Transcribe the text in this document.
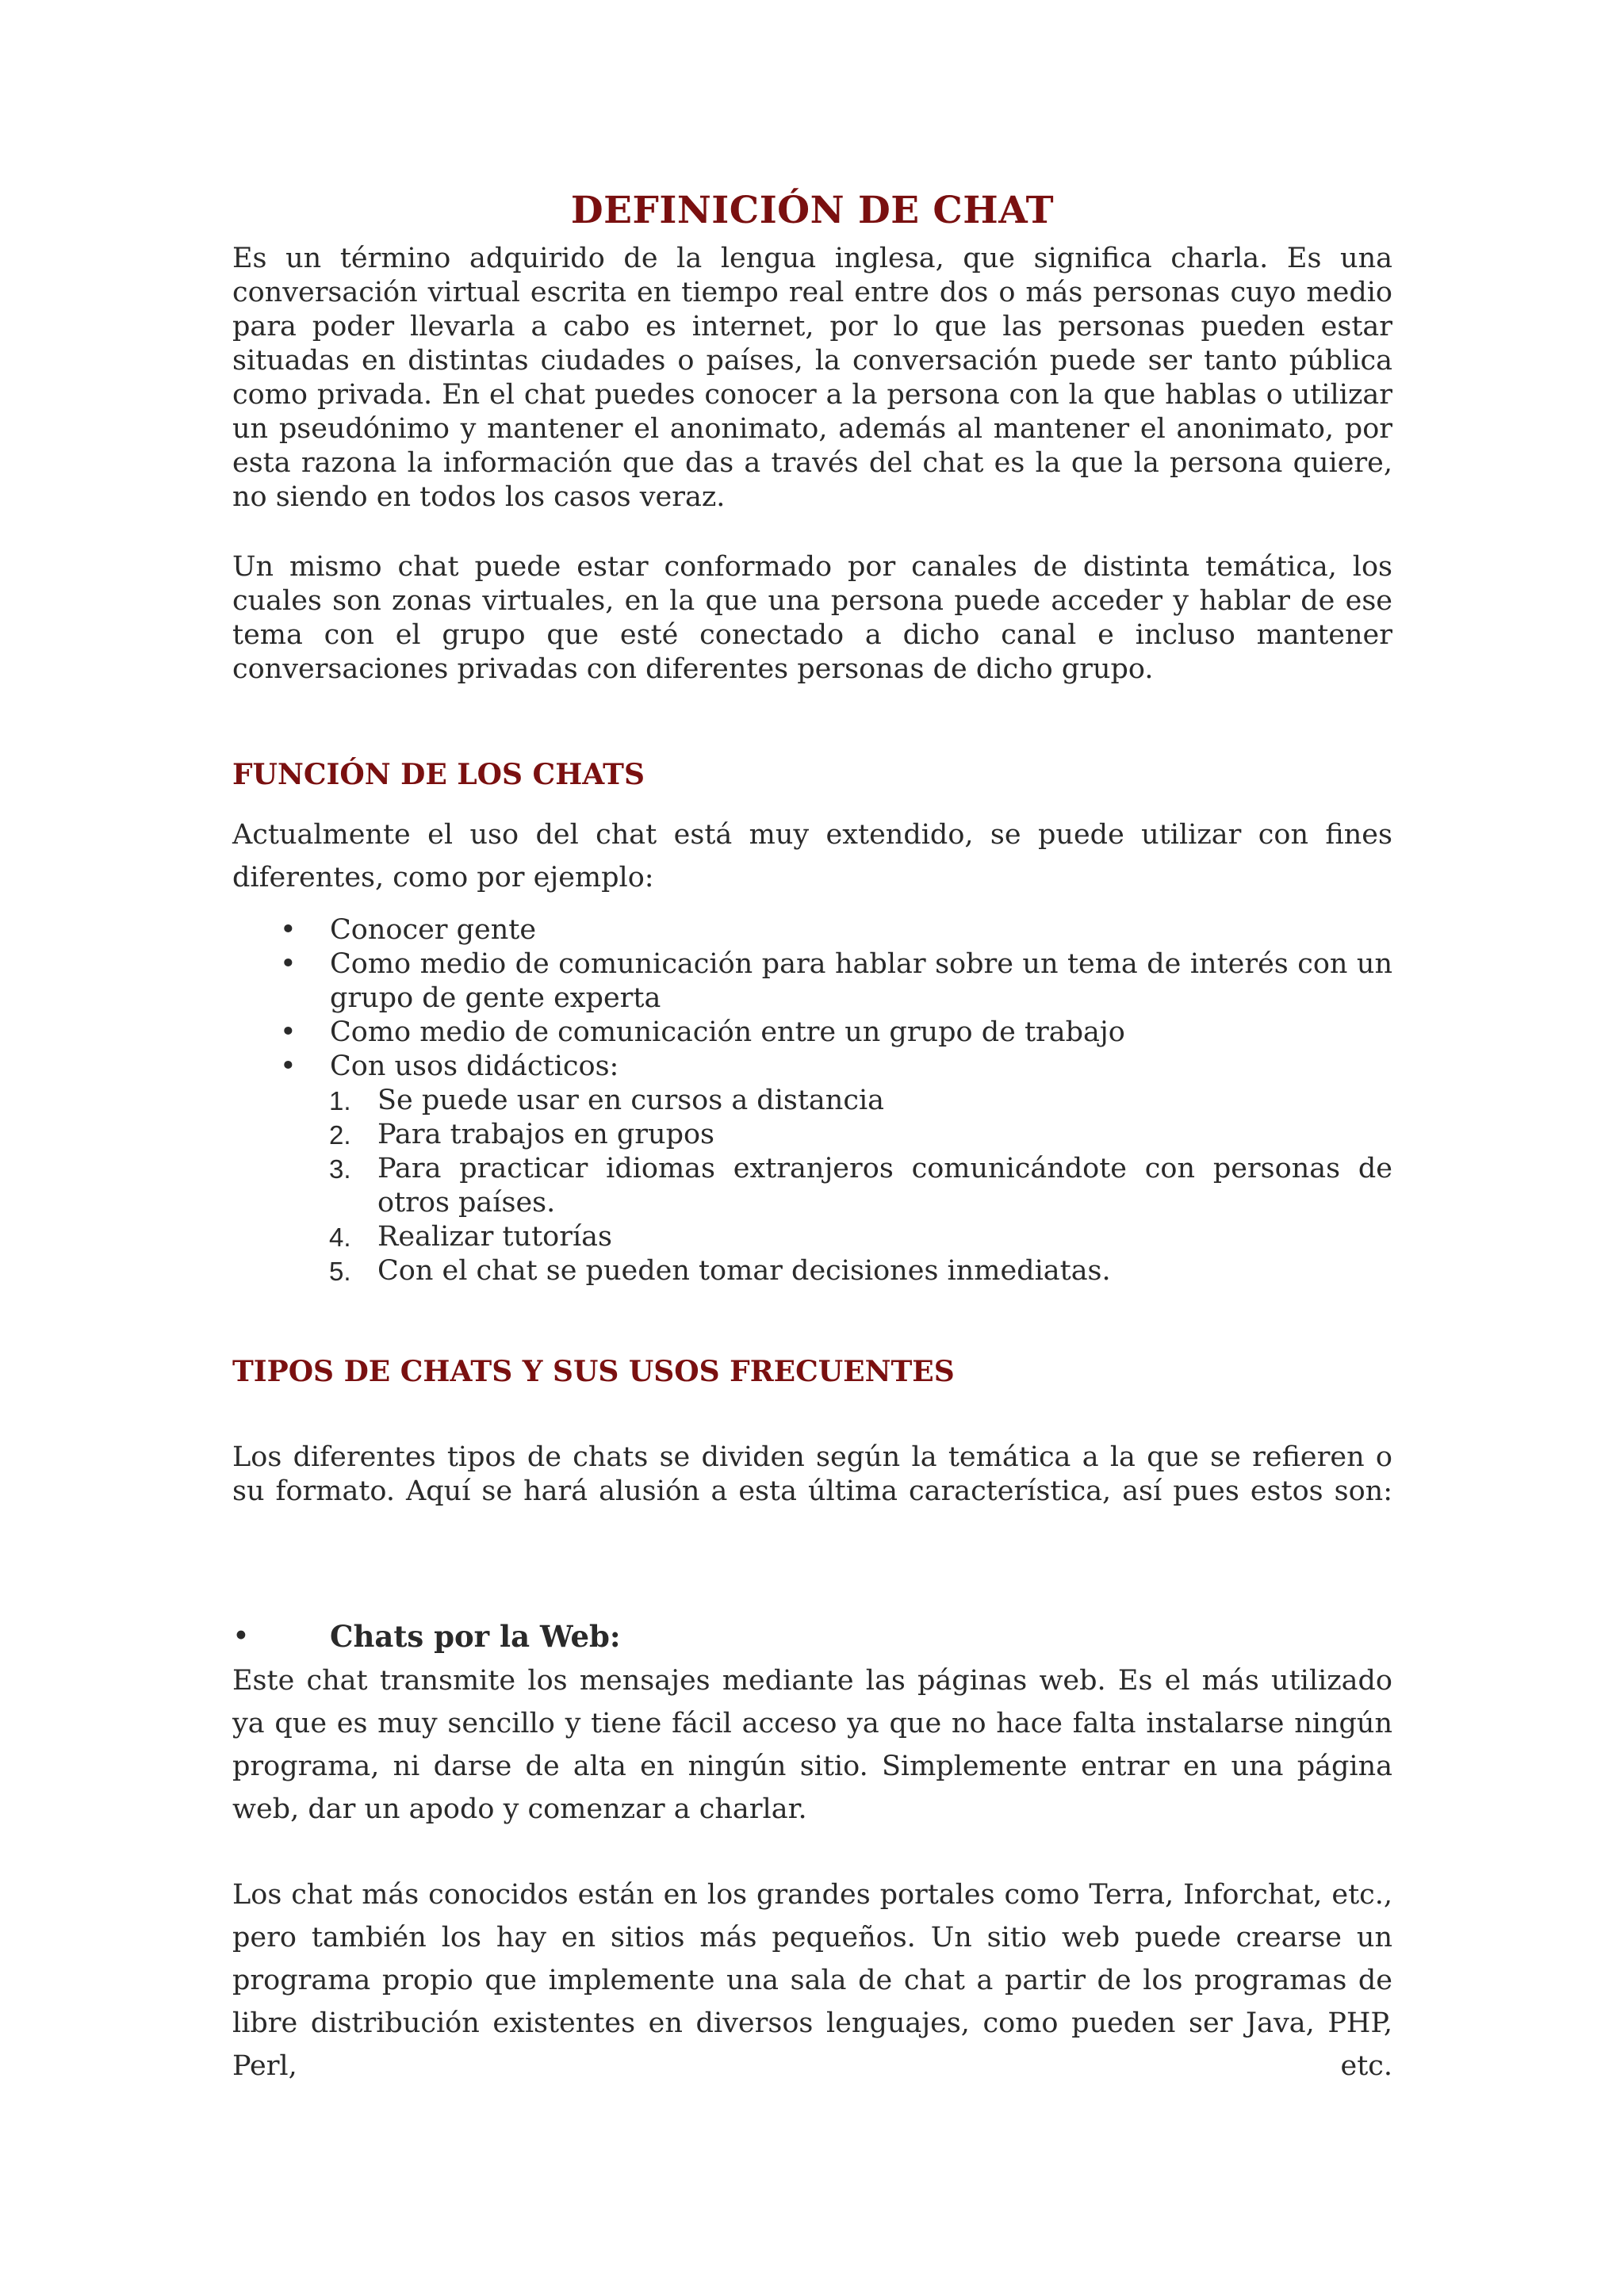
DEFINICIÓN DE CHAT

Es un término adquirido de la lengua inglesa, que significa charla. Es una conversación virtual escrita en tiempo real entre dos o más personas cuyo medio para poder llevarla a cabo es internet, por lo que las personas pueden estar situadas en distintas ciudades o países, la conversación puede ser tanto pública como privada. En el chat puedes conocer a la persona con la que hablas o utilizar un pseudónimo y mantener el anonimato, además al mantener el anonimato, por esta razona la información que das a través del chat es la que la persona quiere, no siendo en todos los casos veraz.

Un mismo chat puede estar conformado por canales de distinta temática, los cuales son zonas virtuales, en la que una persona puede acceder y hablar de ese tema con el grupo que esté conectado a dicho canal e incluso mantener conversaciones privadas con diferentes personas de dicho grupo.

FUNCIÓN DE LOS CHATS

Actualmente el uso del chat está muy extendido, se puede utilizar con fines diferentes, como por ejemplo:

• Conocer gente
• Como medio de comunicación para hablar sobre un tema de interés con un grupo de gente experta
• Como medio de comunicación entre un grupo de trabajo
• Con usos didácticos:
1. Se puede usar en cursos a distancia
2. Para trabajos en grupos
3. Para practicar idiomas extranjeros comunicándote con personas de otros países.
4. Realizar tutorías
5. Con el chat se pueden tomar decisiones inmediatas.
TIPOS DE CHATS Y SUS USOS FRECUENTES

Los diferentes tipos de chats se dividen según la temática a la que se refieren o su formato. Aquí se hará alusión a esta última característica, así pues estos son:

•	Chats por la Web:

Este chat transmite los mensajes mediante las páginas web. Es el más utilizado ya que es muy sencillo y tiene fácil acceso ya que no hace falta instalarse ningún programa, ni darse de alta en ningún sitio. Simplemente entrar en una página web, dar un apodo y comenzar a charlar.

Los chat más conocidos están en los grandes portales como Terra, Inforchat, etc., pero también los hay en sitios más pequeños. Un sitio web puede crearse un programa propio que implemente una sala de chat a partir de los programas de libre distribución existentes en diversos lenguajes, como pueden ser Java, PHP, Perl, etc.
